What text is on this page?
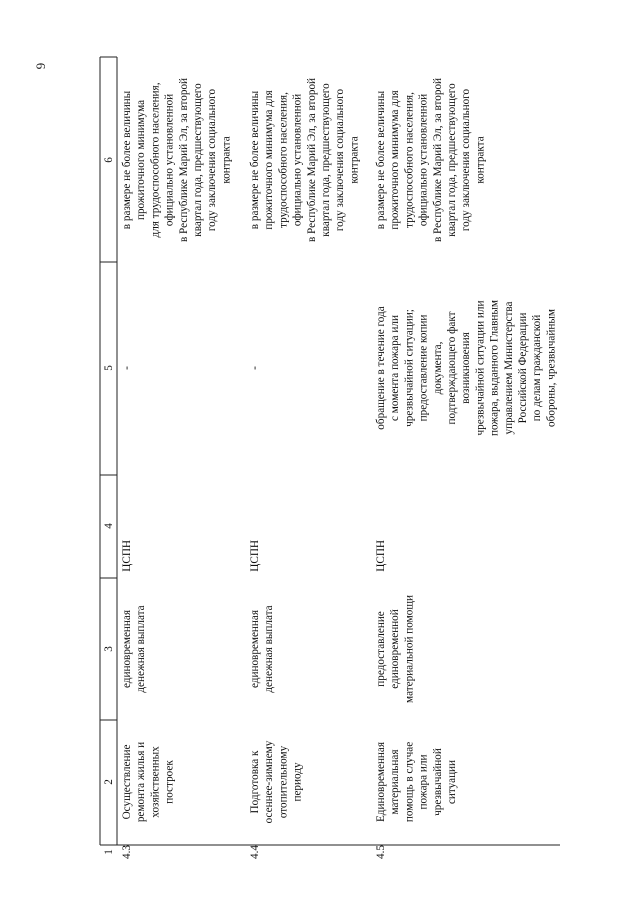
6
1
2
3
4
5
6
4.3
Осуществление ремонта жилья и хозяйственных построек
единовременная денежная выплата
ЦСПН
-
в размере не более величины прожиточного минимума для трудоспособного населения, официально установленной в Республике Марий Эл, за второй квартал года, предшествующего году заключения социального контракта
4.4
Подготовка к осеннее-зимнему отопительному периоду
единовременная денежная выплата
ЦСПН
-
в размере не более величины прожиточного минимума для трудоспособного населения, официально установленной в Республике Марий Эл, за второй квартал года, предшествующего году заключения социального контракта
4.5
Единовременная материальная помощь в случае пожара или чрезвычайной ситуации
предоставление единовременной материальной помощи
ЦСПН
обращение в течение года с момента пожара или чрезвычайной ситуации; предоставление копии документа, подтверждающего факт возникновения чрезвычайной ситуации или пожара, выданного Главным управлением Министерства Российской Федерации по делам гражданской обороны, чрезвычайным
в размере не более величины прожиточного минимума для трудоспособного населения, официально установленной в Республике Марий Эл, за второй квартал года, предшествующего году заключения социального контракта
